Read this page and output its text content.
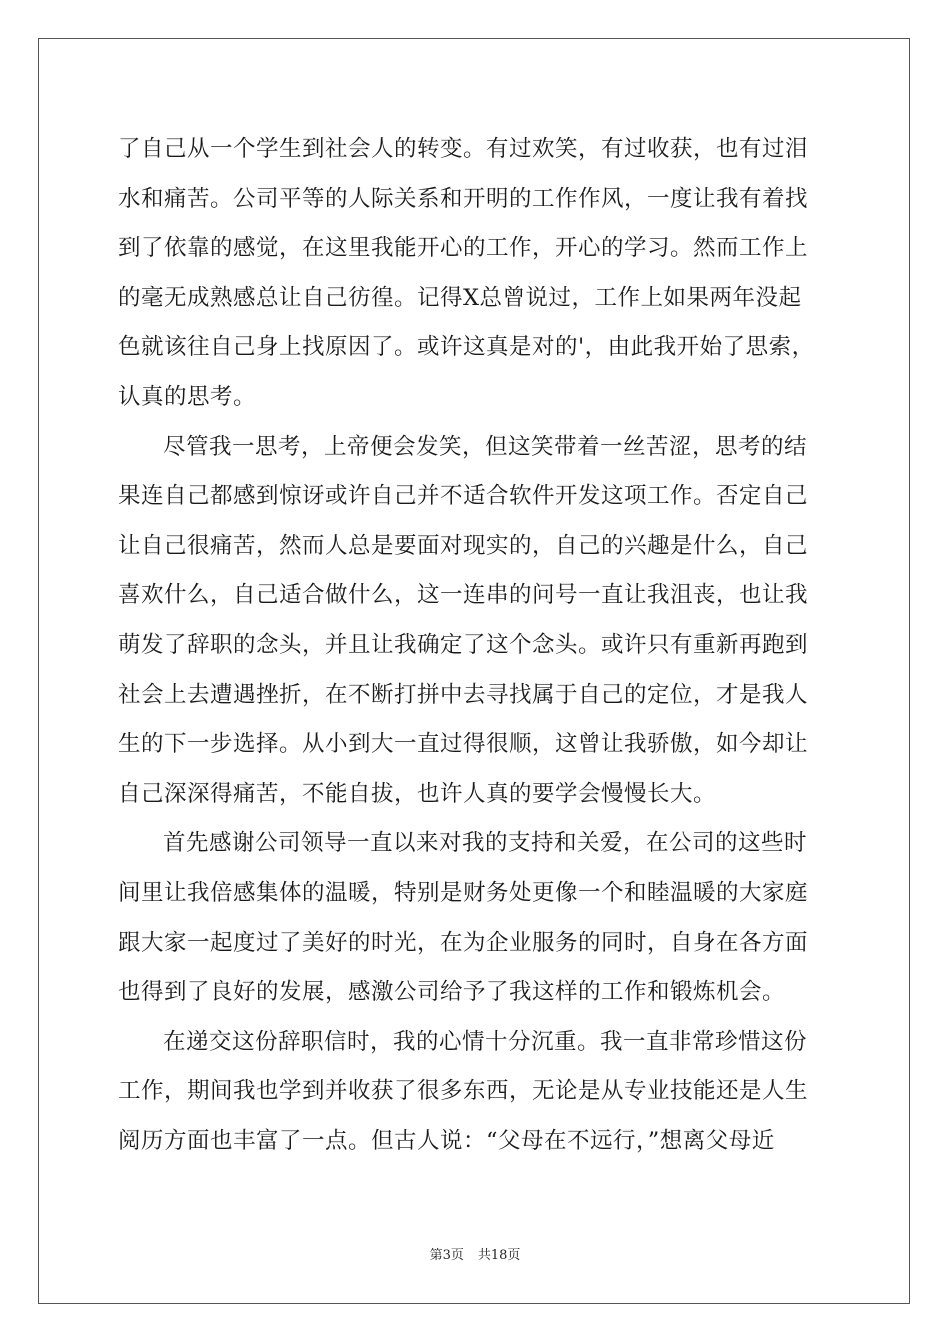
了自己从一个学生到社会人的转变。有过欢笑，有过收获，也有过泪
水和痛苦。公司平等的人际关系和开明的工作作风，一度让我有着找
到了依靠的感觉，在这里我能开心的工作，开心的学习。然而工作上
的毫无成熟感总让自己彷徨。记得X总曾说过，工作上如果两年没起
色就该往自己身上找原因了。或许这真是对的'，由此我开始了思索，
认真的思考。
尽管我一思考，上帝便会发笑，但这笑带着一丝苦涩，思考的结
果连自己都感到惊讶或许自己并不适合软件开发这项工作。否定自己
让自己很痛苦，然而人总是要面对现实的，自己的兴趣是什么，自己
喜欢什么，自己适合做什么，这一连串的问号一直让我沮丧，也让我
萌发了辞职的念头，并且让我确定了这个念头。或许只有重新再跑到
社会上去遭遇挫折，在不断打拼中去寻找属于自己的定位，才是我人
生的下一步选择。从小到大一直过得很顺，这曾让我骄傲，如今却让
自己深深得痛苦，不能自拔，也许人真的要学会慢慢长大。
首先感谢公司领导一直以来对我的支持和关爱，在公司的这些时
间里让我倍感集体的温暖，特别是财务处更像一个和睦温暖的大家庭
跟大家一起度过了美好的时光，在为企业服务的同时，自身在各方面
也得到了良好的发展，感激公司给予了我这样的工作和锻炼机会。
在递交这份辞职信时，我的心情十分沉重。我一直非常珍惜这份
工作，期间我也学到并收获了很多东西，无论是从专业技能还是人生
阅历方面也丰富了一点。但古人说：“父母在不远行，”想离父母近
第3页 共18页
